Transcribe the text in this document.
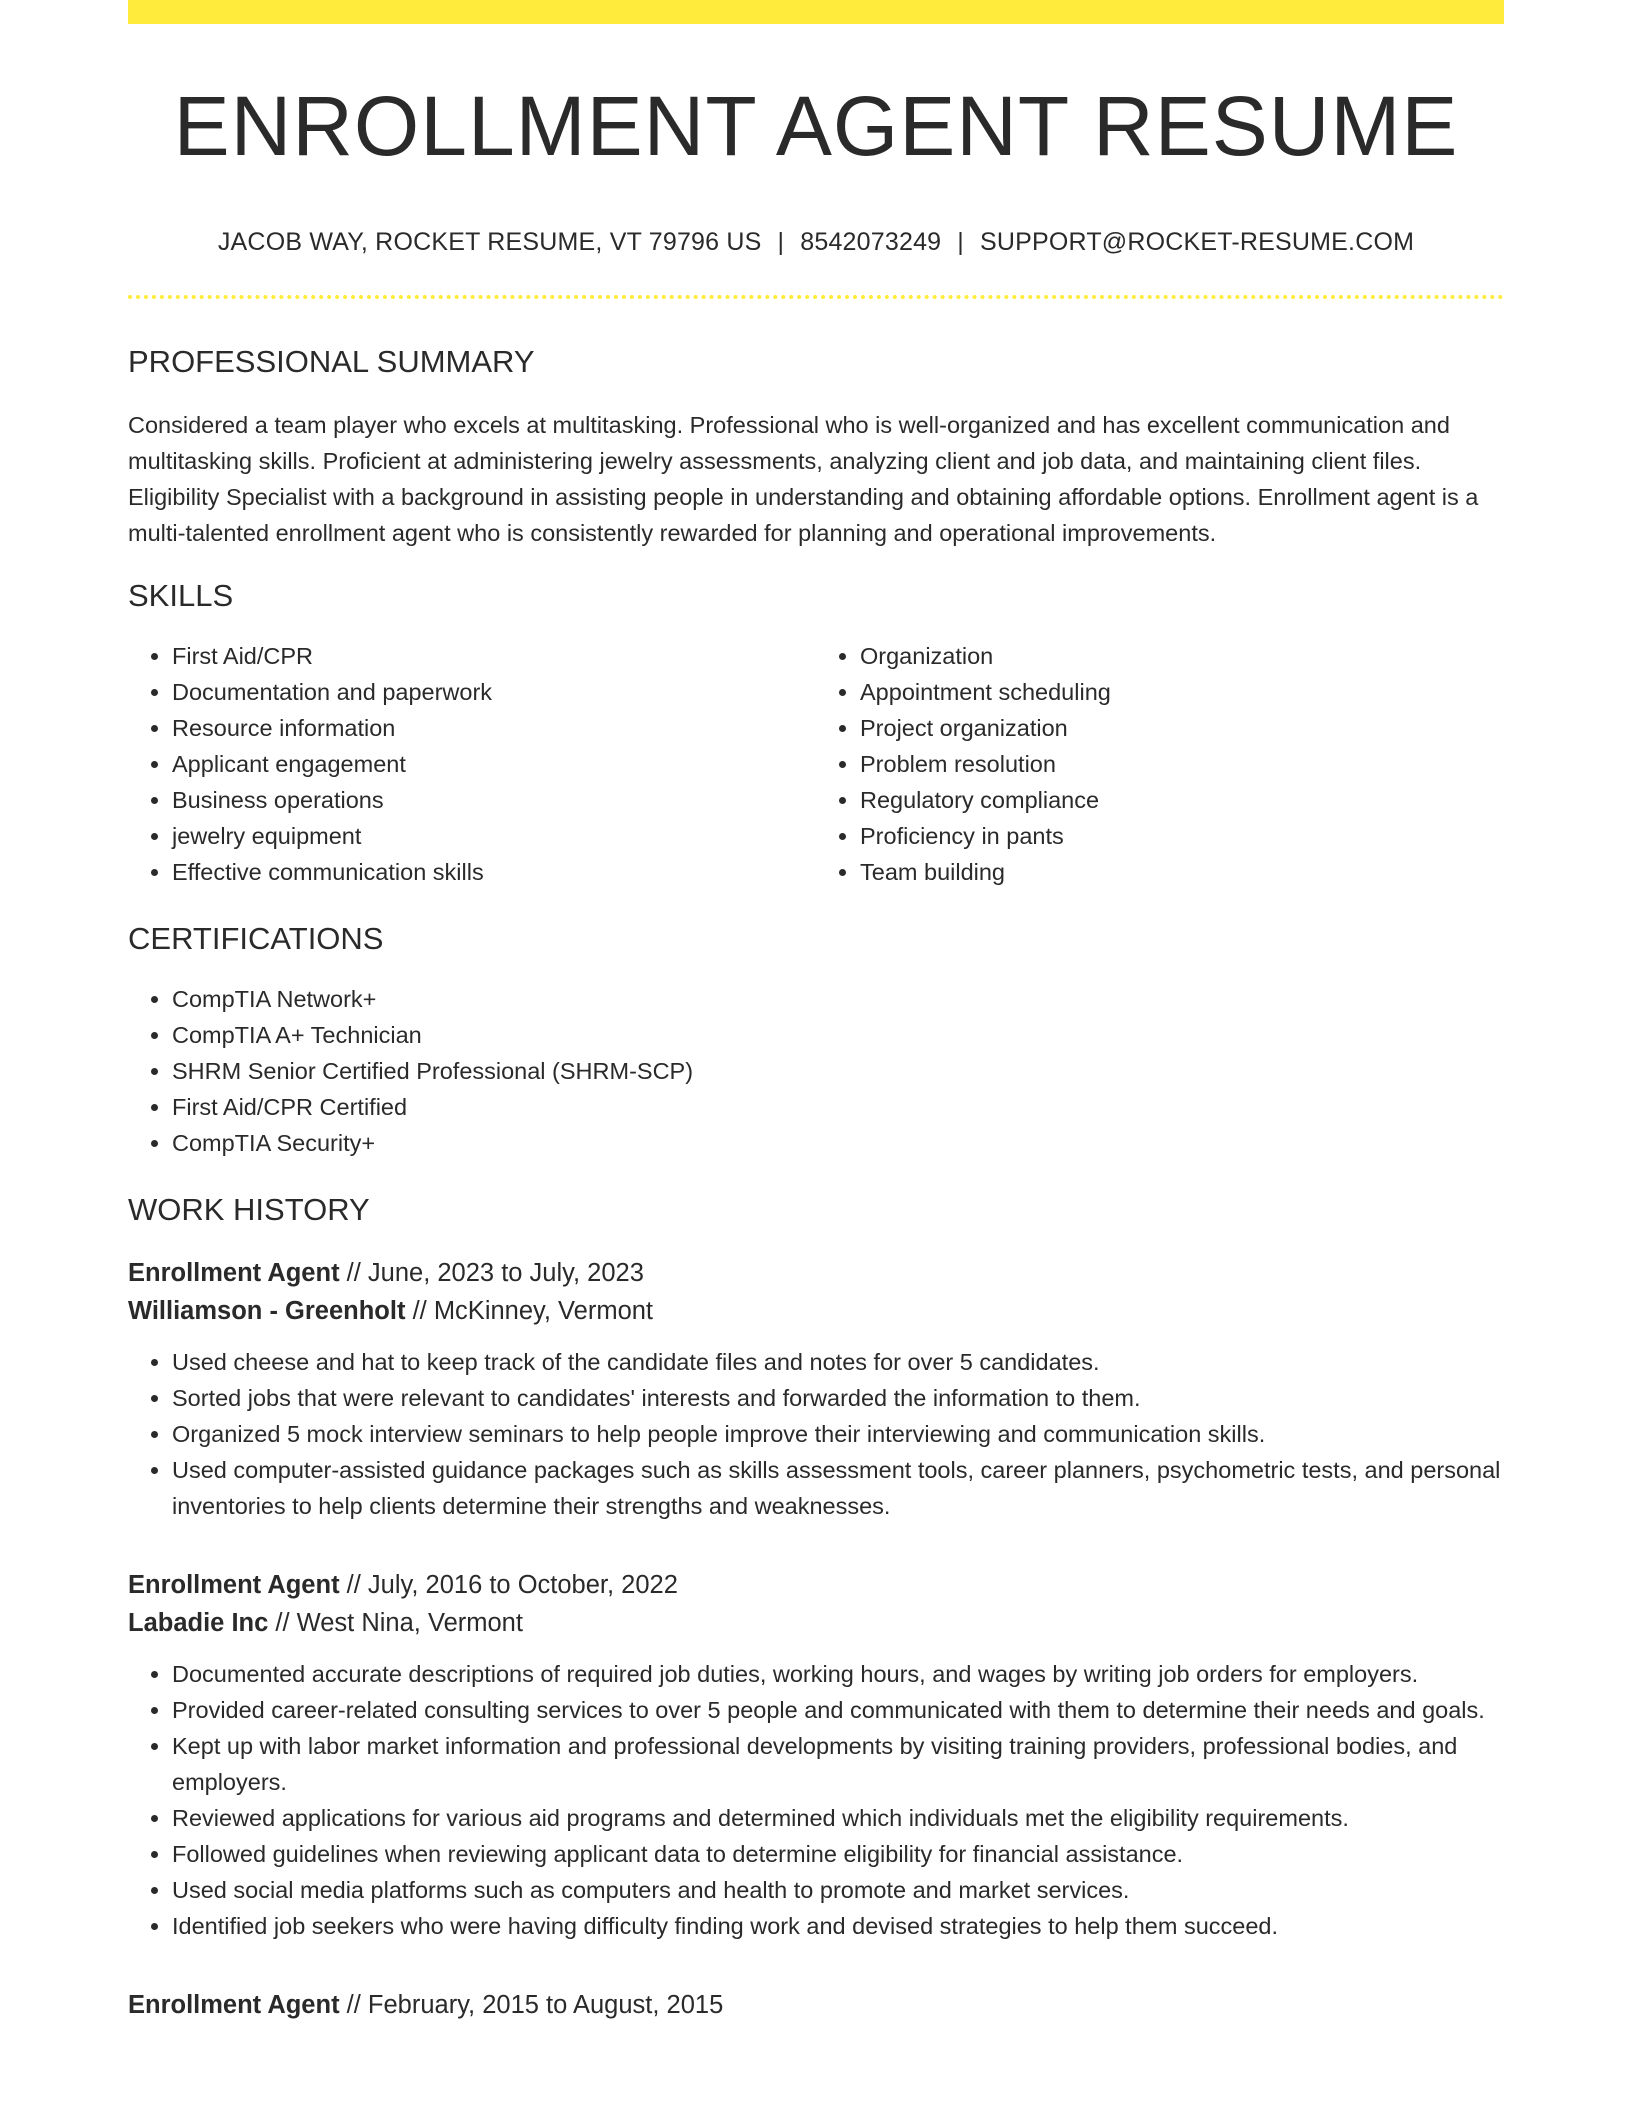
ENROLLMENT AGENT RESUME
JACOB WAY, ROCKET RESUME, VT 79796 US | 8542073249 | SUPPORT@ROCKET-RESUME.COM
PROFESSIONAL SUMMARY

Considered a team player who excels at multitasking. Professional who is well-organized and has excellent communication and multitasking skills. Proficient at administering jewelry assessments, analyzing client and job data, and maintaining client files. Eligibility Specialist with a background in assisting people in understanding and obtaining affordable options. Enrollment agent is a multi-talented enrollment agent who is consistently rewarded for planning and operational improvements.

SKILLS
• First Aid/CPR
• Documentation and paperwork
• Resource information
• Applicant engagement
• Business operations
• jewelry equipment
• Effective communication skills
• Organization
• Appointment scheduling
• Project organization
• Problem resolution
• Regulatory compliance
• Proficiency in pants
• Team building
CERTIFICATIONS
• CompTIA Network+
• CompTIA A+ Technician
• SHRM Senior Certified Professional (SHRM-SCP)
• First Aid/CPR Certified
• CompTIA Security+
WORK HISTORY
Enrollment Agent // June, 2023 to July, 2023
Williamson - Greenholt // McKinney, Vermont
• Used cheese and hat to keep track of the candidate files and notes for over 5 candidates.
• Sorted jobs that were relevant to candidates' interests and forwarded the information to them.
• Organized 5 mock interview seminars to help people improve their interviewing and communication skills.
• Used computer-assisted guidance packages such as skills assessment tools, career planners, psychometric tests, and personal inventories to help clients determine their strengths and weaknesses.
Enrollment Agent // July, 2016 to October, 2022
Labadie Inc // West Nina, Vermont
• Documented accurate descriptions of required job duties, working hours, and wages by writing job orders for employers.
• Provided career-related consulting services to over 5 people and communicated with them to determine their needs and goals.
• Kept up with labor market information and professional developments by visiting training providers, professional bodies, and employers.
• Reviewed applications for various aid programs and determined which individuals met the eligibility requirements.
• Followed guidelines when reviewing applicant data to determine eligibility for financial assistance.
• Used social media platforms such as computers and health to promote and market services.
• Identified job seekers who were having difficulty finding work and devised strategies to help them succeed.
Enrollment Agent // February, 2015 to August, 2015
